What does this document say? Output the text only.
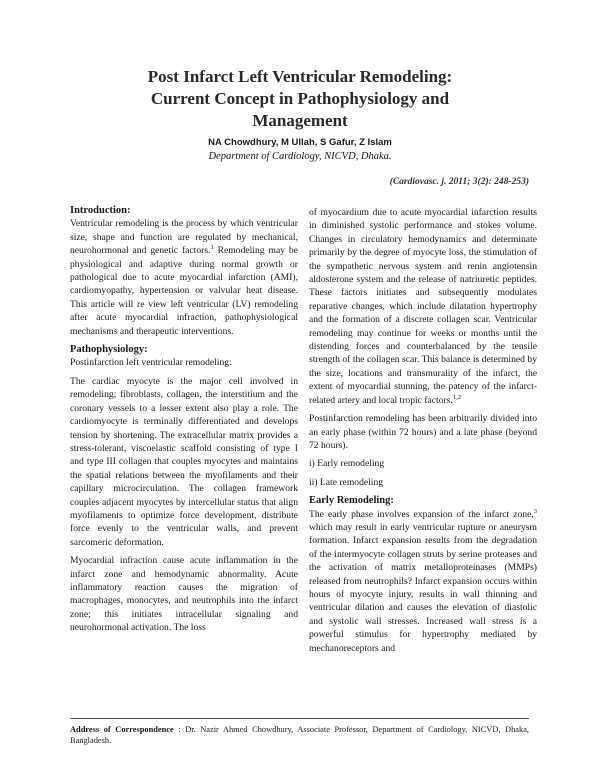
Post Infarct Left Ventricular Remodeling:
Current Concept in Pathophysiology and
Management
NA Chowdhury, M Ullah, S Gafur, Z Islam
Department of Cardiology, NICVD, Dhaka.
(Cardiovasc. j. 2011; 3(2): 248-253)
Introduction:

Ventricular remodeling is the process by which ventricular size, shape and function are regulated by mechanical, neurohormonal and genetic factors.$^1$ Remodeling may be physiological and adaptive during normal growth or pathological due to acute myocardial infarction (AMI), cardiomyopathy, hypertension or valvular heat disease. This article will re view left ventricular (LV) remodeling after acute myocardial infraction, pathophysiological mechanisms and therapeutic interventions.

Pathophysiology:

Postinfarction left ventricular remodeling:

The cardiac myocyte is the major cell involved in remodeling; fibroblasts, collagen, the interstitium and the coronary vessels to a lesser extent also play a role. The cardiomyocyte is terminally differentiated and develops tension by shortening. The extracellular matrix provides a stress-tolerant, viscoelastic scaffold consisting of type I and type III collagen that couples myocytes and maintains the spatial relations between the myofilaments and their capillary microcirculation. The collagen framework couples adjacent myocytes by intercellular status that align myofilaments to optimize force development, distribute force evenly to the ventricular walls, and prevent sarcomeric deformation.

Myocardial infraction cause acute inflammation in the infarct zone and hemodynamic abnormality. Acute inflammatory reaction causes the migration of macrophages, monocytes, and neutrophils into the infarct zone; this initiates intracellular signaling and neurohormonal activation. The loss

of myocardium due to acute myocardial infarction results in diminished systolic performance and stokes volume. Changes in circulatory hemodynamics and determinate primarily by the degree of myocyte loss, the stimulation of the sympathetic nervous system and renin angiotensin aldosterone system and the release of natriuretic peptides. These factors initiates and subsequently modulates reparative changes, which include dilatation hypertrophy and the formation of a discrete collagen scar. Ventricular remodeling may continue for weeks or months until the distending forces and counterbalanced by the tensile strength of the collagen scar. This balance is determined by the size, locations and transmurality of the infarct, the extent of myocardial stunning, the patency of the infarct-related artery and local tropic factors.$^{1,2}$

Postinfarction remodeling has been arbitrarily divided into an early phase (within 72 hours) and a late phase (beyond 72 hours).

i) Early remodeling

ii) Late remodeling

Early Remodeling:

The early phase involves expansion of the infarct zone,$^3$ which may result in early ventricular rupture or aneurysm formation. Infarct expansion results from the degradation of the intermyocyte collagen struts by serine proteases and the activation of matrix metalloproteinases (MMPs) released from neutrophils? Infarct expansion occurs within hours of myocyte injury, results in wall thinning and ventricular dilation and causes the elevation of diastolic and systolic wall stresses. Increased wall stress is a powerful stimulus for hypertrophy mediated by mechanoreceptors and

Address of Correspondence : Dr. Nazir Ahmed Chowdhury, Associate Professor, Department of Cardiology, NICVD, Dhaka, Bangladesh.
